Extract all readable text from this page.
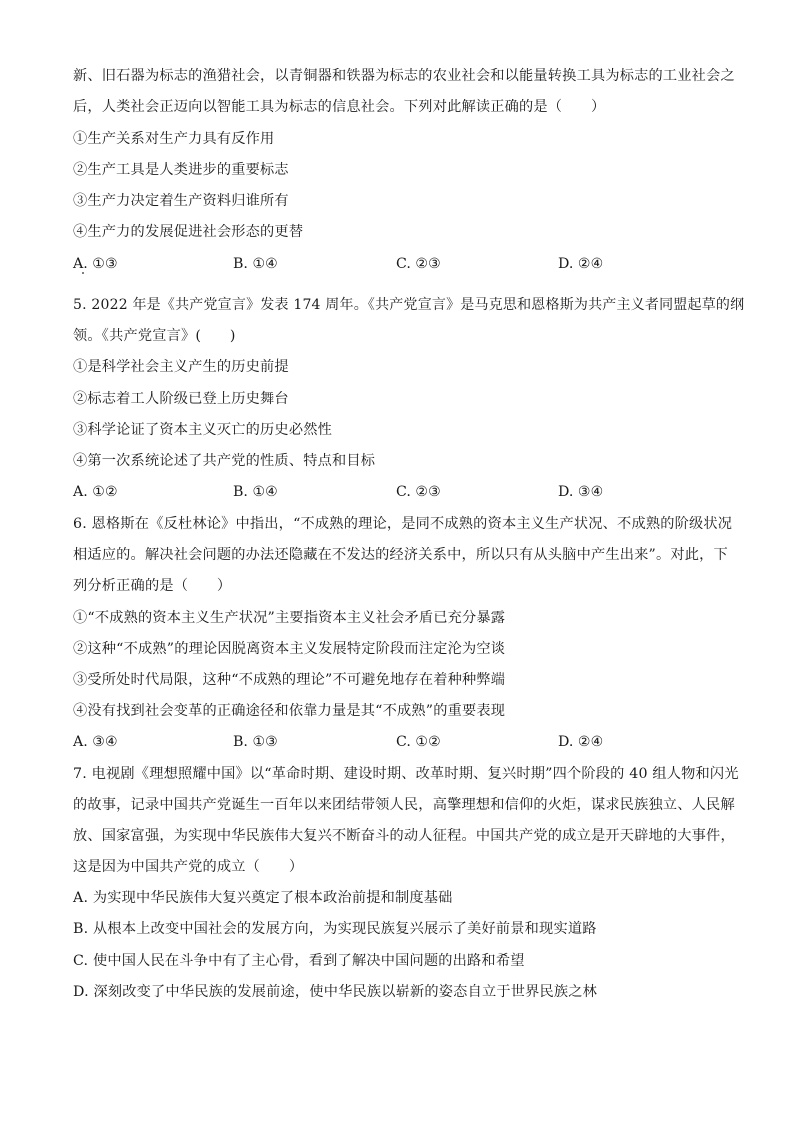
新、旧石器为标志的渔猎社会，以青铜器和铁器为标志的农业社会和以能量转换工具为标志的工业社会之
后，人类社会正迈向以智能工具为标志的信息社会。下列对此解读正确的是（　　）
①生产关系对生产力具有反作用
②生产工具是人类进步的重要标志
③生产力决定着生产资料归谁所有
④生产力的发展促进社会形态的更替
A. ①③	B. ①④	C. ②③	D. ②④
5. 2022 年是《共产党宣言》发表 174 周年。《共产党宣言》是马克思和恩格斯为共产主义者同盟起草的纲
领。《共产党宣言》(　　)
①是科学社会主义产生的历史前提
②标志着工人阶级已登上历史舞台
③科学论证了资本主义灭亡的历史必然性
④第一次系统论述了共产党的性质、特点和目标
A. ①②	B. ①④	C. ②③	D. ③④
6. 恩格斯在《反杜林论》中指出，“不成熟的理论，是同不成熟的资本主义生产状况、不成熟的阶级状况
相适应的。解决社会问题的办法还隐藏在不发达的经济关系中，所以只有从头脑中产生出来”。对此，下
列分析正确的是（　　）
①“不成熟的资本主义生产状况”主要指资本主义社会矛盾已充分暴露
②这种“不成熟”的理论因脱离资本主义发展特定阶段而注定沦为空谈
③受所处时代局限，这种“不成熟的理论”不可避免地存在着种种弊端
④没有找到社会变革的正确途径和依靠力量是其“不成熟”的重要表现
A. ③④	B. ①③	C. ①②	D. ②④
7. 电视剧《理想照耀中国》以“革命时期、建设时期、改革时期、复兴时期”四个阶段的 40 组人物和闪光
的故事，记录中国共产党诞生一百年以来团结带领人民，高擎理想和信仰的火炬，谋求民族独立、人民解
放、国家富强，为实现中华民族伟大复兴不断奋斗的动人征程。中国共产党的成立是开天辟地的大事件，
这是因为中国共产党的成立（　　）
A. 为实现中华民族伟大复兴奠定了根本政治前提和制度基础
B. 从根本上改变中国社会的发展方向，为实现民族复兴展示了美好前景和现实道路
C. 使中国人民在斗争中有了主心骨，看到了解决中国问题的出路和希望
D. 深刻改变了中华民族的发展前途，使中华民族以崭新的姿态自立于世界民族之林
